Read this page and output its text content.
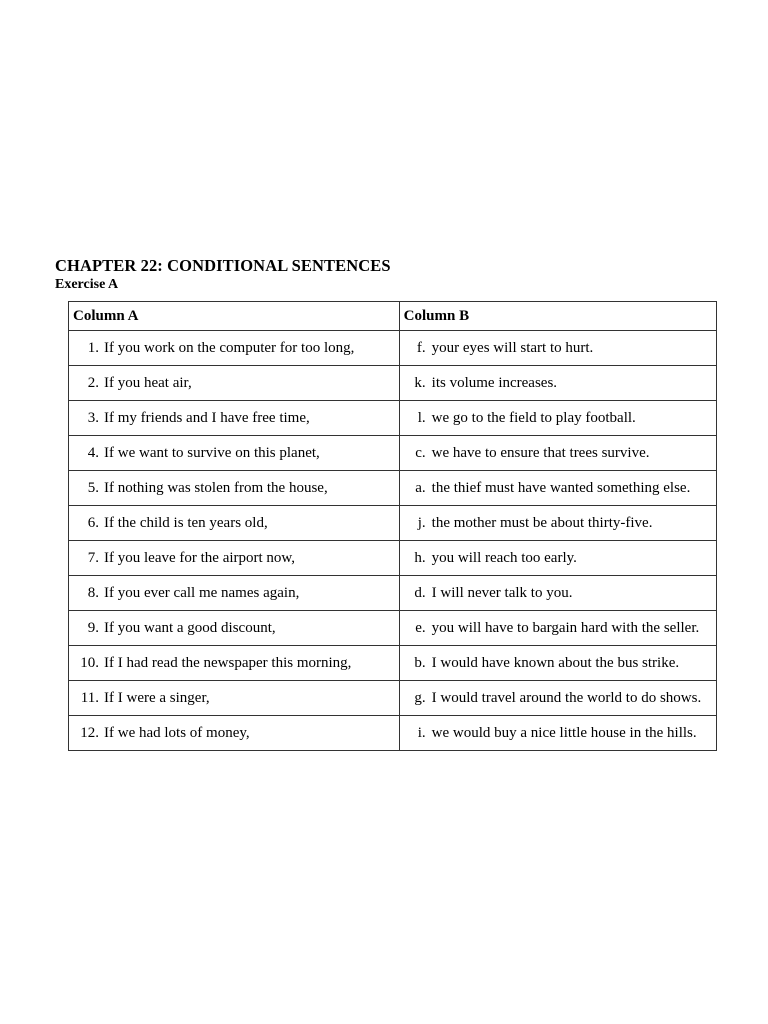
CHAPTER 22: CONDITIONAL SENTENCES
Exercise A
Column A	Column B

1. If you work on the computer for too long,	f. your eyes will start to hurt.

2. If you heat air,	k. its volume increases.

3. If my friends and I have free time,	l. we go to the field to play football.

4. If we want to survive on this planet,	c. we have to ensure that trees survive.

5. If nothing was stolen from the house,	a. the thief must have wanted something else.

6. If the child is ten years old,	j. the mother must be about thirty-five.

7. If you leave for the airport now,	h. you will reach too early.

8. If you ever call me names again,	d. I will never talk to you.

9. If you want a good discount,	e. you will have to bargain hard with the seller.

10. If I had read the newspaper this morning,	b. I would have known about the bus strike.

11. If I were a singer,	g. I would travel around the world to do shows.

12. If we had lots of money,	i. we would buy a nice little house in the hills.
